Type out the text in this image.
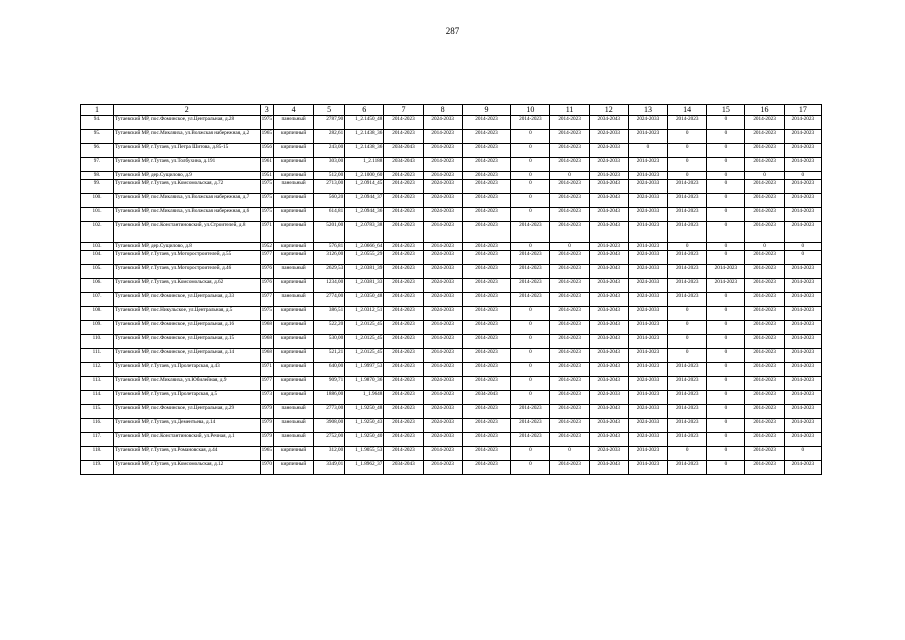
287
1	2	3	4	5	6	7	8	9	10	11	12	13	14	15	16	17
94.	Тутаевский МР, пос.Фоминское, ул.Центральная, д.28	1975	панельный	2787,90	1_2.1450_48	2014-2023	2024-2033	2014-2023	2014-2023	2014-2023	2034-2043	2024-2033	2014-2023	0	2014-2023	2014-2023
95.	Тутаевский МР, пос.Микляиха, ул.Волжская набережная, д.2	1965	кирпичный	282,61	1_2.1438_36	2014-2023	2014-2023	2014-2023	0	2014-2023	2024-2033	2014-2023	0	0	2014-2023	2014-2023
96.	Тутаевский МР, г.Тутаев, ул.Петра Шитова, д.85-15	1956	кирпичный	243,00	1_2.1438_36	2034-2043	2014-2023	2014-2023	0	2014-2023	2024-2033	0	0	0	2014-2023	2014-2023
97.	Тутаевский МР, г.Тутаев, ул.Толбухина, д.191	1961	кирпичный	303,00	1_2.1188	2034-2043	2014-2023	2014-2023	0	2014-2023	2024-2033	2014-2023	0	0	2014-2023	2014-2023
98.	Тутаевский МР, дер.Сущилово, д.9	1951	кирпичный	512,00	1_2.1000_60	2014-2023	2014-2023	2014-2023	0	0	2014-2023	2014-2023	0	0	0	0
99.	Тутаевский МР, г.Тутаев, ул.Комсомольская, д.72	1975	панельный	2713,00	1_2.0914_45	2014-2023	2024-2033	2014-2023	0	2014-2023	2034-2043	2024-2033	2014-2023	0	2014-2023	2014-2023
100.	Тутаевский МР, пос.Микляиха, ул.Волжская набережная, д.7	1975	кирпичный	560,20	1_2.0944_37	2014-2023	2024-2033	2014-2023	0	2014-2023	2034-2043	2024-2033	2014-2023	0	2014-2023	2014-2023
101.	Тутаевский МР, пос.Микляиха, ул.Волжская набережная, д.6	1975	кирпичный	614,81	1_2.0944_36	2014-2023	2024-2033	2014-2023	0	2014-2023	2034-2043	2024-2033	2014-2023	0	2014-2023	2014-2023
102.	Тутаевский МР, пос.Константиновский, ул.Строителей, д.8	1971	кирпичный	5201,00	1_2.0783_38	2014-2023	2014-2023	2014-2023	2014-2023	2014-2023	2034-2043	2014-2023	2014-2023	0	2014-2023	2014-2023
103.	Тутаевский МР, дер.Сущилово, д.8	1952	кирпичный	576,81	1_2.0666_64	2014-2023	2014-2023	2014-2023	0	0	2014-2023	2014-2023	0	0	0	0
104.	Тутаевский МР, г.Тутаев, ул.Моторостроителей, д.55	1977	кирпичный	3126,00	1_2.0555_29	2014-2023	2024-2033	2014-2023	2014-2023	2014-2023	2034-2043	2024-2033	2014-2023	0	2014-2023	0
105.	Тутаевский МР, г.Тутаев, ул.Моторостроителей, д.46	1976	панельный	2629,53	1_2.0381_39	2014-2023	2024-2033	2014-2023	2014-2023	2014-2023	2034-2043	2024-2033	2014-2023	2014-2023	2014-2023	2014-2023
106.	Тутаевский МР, г.Тутаев, ул.Комсомольская, д.62	1976	кирпичный	1234,00	1_2.0381_33	2014-2023	2024-2033	2014-2023	2014-2023	2014-2023	2034-2043	2024-2033	2014-2023	2014-2023	2014-2023	2014-2023
107.	Тутаевский МР, пос.Фоминское, ул.Центральная, д.33	1977	панельный	2774,00	1_2.0350_48	2014-2023	2024-2033	2014-2023	2014-2023	2014-2023	2034-2043	2024-2033	2014-2023	0	2014-2023	2014-2023
108.	Тутаевский МР, пос.Никульское, ул.Центральная, д.5	1975	кирпичный	386,51	1_2.0312_51	2014-2023	2024-2033	2014-2023	0	2014-2023	2034-2043	2024-2033	0	0	2014-2023	2014-2023
109.	Тутаевский МР, пос.Фоминское, ул.Центральная, д.16	1968	кирпичный	522,20	1_2.0125_45	2014-2023	2014-2023	2014-2023	0	2014-2023	2034-2043	2014-2023	0	0	2014-2023	2014-2023
110.	Тутаевский МР, пос.Фоминское, ул.Центральная, д.15	1968	кирпичный	530,00	1_2.0125_45	2014-2023	2014-2023	2014-2023	0	2014-2023	2034-2043	2014-2023	0	0	2014-2023	2014-2023
111.	Тутаевский МР, пос.Фоминское, ул.Центральная, д.14	1968	кирпичный	521,21	1_2.0125_45	2014-2023	2014-2023	2014-2023	0	2014-2023	2034-2043	2014-2023	0	0	2014-2023	2014-2023
112.	Тутаевский МР, г.Тутаев, ул.Пролетарская, д.43	1971	кирпичный	640,00	1_1.9997_53	2014-2023	2014-2023	2014-2023	0	2014-2023	2034-2043	2014-2023	2014-2023	0	2014-2023	2014-2023
113.	Тутаевский МР, пос.Микляиха, ул.Юбилейная, д.9	1977	кирпичный	909,71	1_1.9870_36	2014-2023	2024-2033	2014-2023	0	2014-2023	2034-2043	2024-2033	2014-2023	0	2014-2023	2014-2023
114.	Тутаевский МР, г.Тутаев, ул.Пролетарская, д.5	1973	кирпичный	1886,00	1_1.9648	2014-2023	2014-2023	2034-2043	0	2014-2023	2024-2033	2014-2023	2014-2023	0	2014-2023	2014-2023
115.	Тутаевский МР, пос.Фоминское, ул.Центральная, д.29	1979	панельный	2773,00	1_1.9250_48	2014-2023	2024-2033	2014-2023	2014-2023	2014-2023	2034-2043	2024-2033	2014-2023	0	2014-2023	2014-2023
116.	Тутаевский МР, г.Тутаев, ул.Дементьева, д.14	1979	панельный	3908,00	1_1.9250_43	2014-2023	2024-2033	2014-2023	2014-2023	2014-2023	2034-2043	2024-2033	2014-2023	0	2014-2023	2014-2023
117.	Тутаевский МР, пос.Константиновский, ул.Речная, д.1	1979	панельный	2752,00	1_1.9250_40	2014-2023	2024-2033	2014-2023	2014-2023	2014-2023	2034-2043	2024-2033	2014-2023	0	2014-2023	2014-2023
118.	Тутаевский МР, г.Тутаев, ул.Романовская, д.44	1965	кирпичный	312,00	1_1.9055_53	2014-2023	2014-2023	2014-2023	0	0	2024-2033	2014-2023	0	0	2014-2023	0
119.	Тутаевский МР, г.Тутаев, ул.Комсомольская, д.12	1970	кирпичный	3349,01	1_1.8962_37	2034-2043	2014-2023	2014-2023	0	2014-2023	2034-2043	2014-2023	2014-2023	0	2014-2023	2014-2023
